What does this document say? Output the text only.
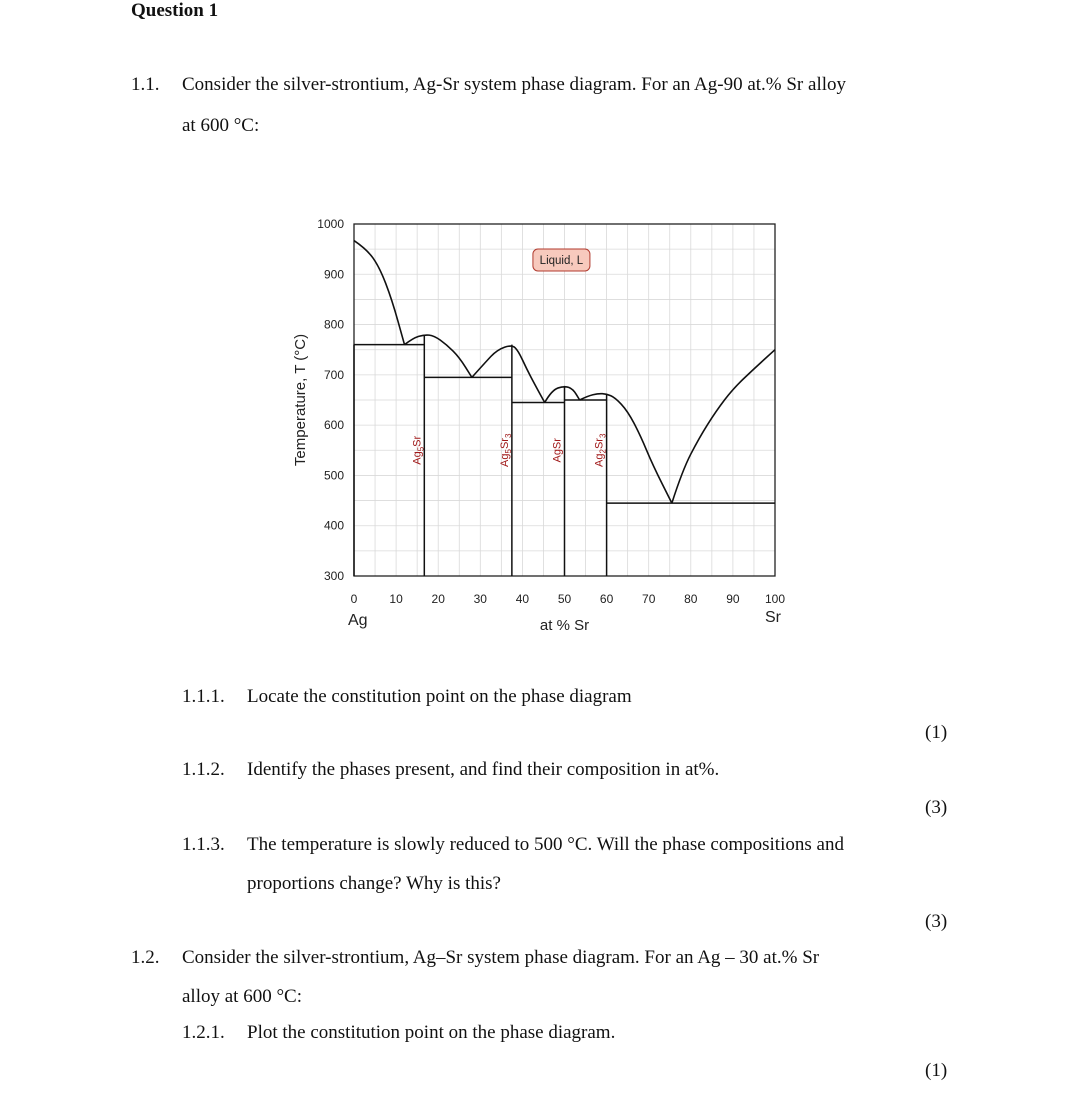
Question 1
1.1. Consider the silver-strontium, Ag-Sr system phase diagram. For an Ag-90 at.% Sr alloy
at 600 °C:
300
400
500
600
700
800
900
1000
0	10 20 30 40 50 60 70 80 90 100
Ag	Sr
at % Sr
Temperature, T (°C)	$Ag_5Sr$
$Ag_5Sr_3$
AgSr	$Ag_2Sr_3$
Liquid, L
1.1.1. Locate the constitution point on the phase diagram
(1)
1.1.2. Identify the phases present, and find their composition in at%.
(3)
1.1.3. The temperature is slowly reduced to 500 °C. Will the phase compositions and
proportions change? Why is this?
(3)
1.2. Consider the silver-strontium, Ag–Sr system phase diagram. For an Ag – 30 at.% Sr
alloy at 600 °C:
1.2.1. Plot the constitution point on the phase diagram.
(1)
